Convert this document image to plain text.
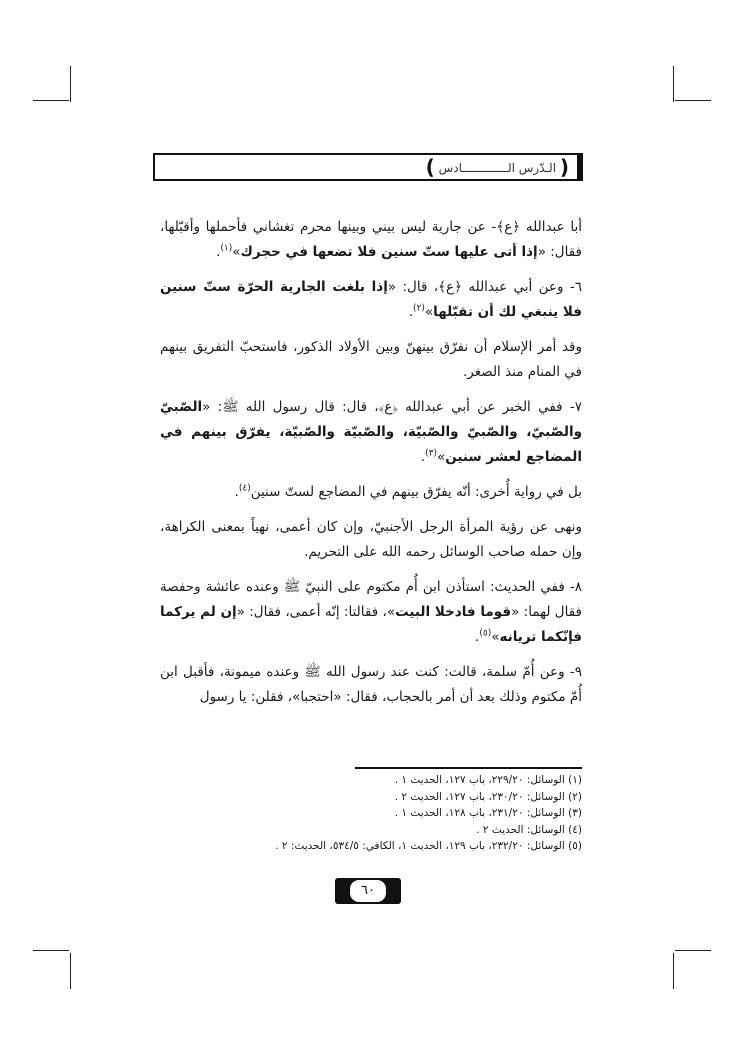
( الـدّرس الـــــــــــــادس )

أبا عبدالله ﴿ع﴾- عن جارية ليس بيني وبينها محرم تغشاني فأحملها وأقبّلها، فقال: «إذا أتى عليها ستّ سنين فلا تضعها في حجرك»$^{(١)}$.

٦- وعن أبي عبدالله ﴿ع﴾، قال: «إذا بلغت الجارية الحرّة ستّ سنين فلا ينبغي لك أن تقبّلها»$^{(٢)}$.

وقد أمر الإسلام أن نفرّق بينهنّ وبين الأولاد الذكور، فاستحبّ التفريق بينهم في المنام منذ الصغر.

٧- ففي الخبر عن أبي عبدالله ﴿ع﴾، قال: قال رسول الله ﷺ: «الصّبيّ والصّبيّ، والصّبيّ والصّبيّة، والصّبيّة والصّبيّة، يفرّق بينهم في المضاجع لعشر سنين»$^{(٣)}$.

بل في رواية أُخرى: أنّه يفرّق بينهم في المضاجع لستّ سنين$^{(٤)}$.

ونهى عن رؤية المرأة الرجل الأجنبيّ، وإن كان أعمى، نهياً بمعنى الكراهة، وإن حمله صاحب الوسائل رحمه الله على التحريم.

٨- ففي الحديث: استأذن ابن أُم مكتوم على النبيّ ﷺ وعنده عائشة وحفصة فقال لهما: «قوما فادخلا البيت»، فقالتا: إنّه أعمى، فقال: «إن لم يركما فإنّكما تريانه»$^{(٥)}$.

٩- وعن أُمّ سلمة، قالت: كنت عند رسول الله ﷺ وعنده ميمونة، فأقبل ابن أُمّ مكتوم وذلك بعد أن أمر بالحجاب، فقال: «احتجبا»، فقلن: يا رسول

(١) الوسائل: ٢٢٩/٢٠، باب ١٢٧، الحديث ١ .
(٢) الوسائل: ٢٣٠/٢٠، باب ١٢٧، الحديث ٢ .
(٣) الوسائل: ٢٣١/٢٠، باب ١٢٨، الحديث ١ .
(٤) الوسائل: الحديث ٢ .
(٥) الوسائل: ٢٣٢/٢٠، باب ١٢٩، الحديث ١، الكافي: ٥٣٤/٥، الحديث: ٢ .
٦٠
